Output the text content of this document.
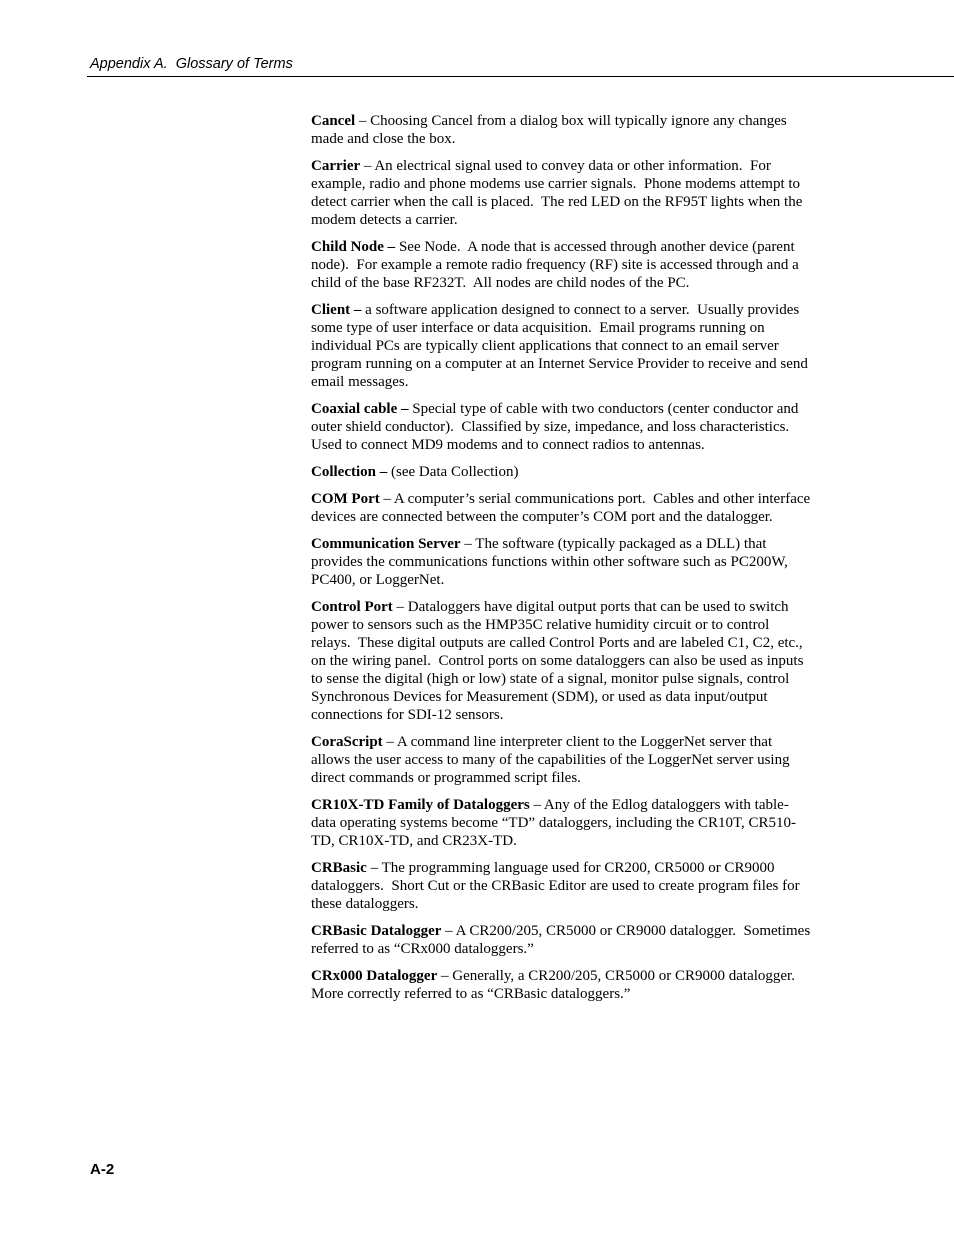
Appendix A.  Glossary of Terms

Cancel – Choosing Cancel from a dialog box will typically ignore any changes made and close the box.

Carrier – An electrical signal used to convey data or other information.  For example, radio and phone modems use carrier signals.  Phone modems attempt to detect carrier when the call is placed.  The red LED on the RF95T lights when the modem detects a carrier.

Child Node – See Node.  A node that is accessed through another device (parent node).  For example a remote radio frequency (RF) site is accessed through and a child of the base RF232T.  All nodes are child nodes of the PC.

Client – a software application designed to connect to a server.  Usually provides some type of user interface or data acquisition.  Email programs running on individual PCs are typically client applications that connect to an email server program running on a computer at an Internet Service Provider to receive and send email messages.

Coaxial cable – Special type of cable with two conductors (center conductor and outer shield conductor).  Classified by size, impedance, and loss characteristics.  Used to connect MD9 modems and to connect radios to antennas.

Collection – (see Data Collection)

COM Port – A computer’s serial communications port.  Cables and other interface devices are connected between the computer’s COM port and the datalogger.

Communication Server – The software (typically packaged as a DLL) that provides the communications functions within other software such as PC200W, PC400, or LoggerNet.

Control Port – Dataloggers have digital output ports that can be used to switch power to sensors such as the HMP35C relative humidity circuit or to control relays.  These digital outputs are called Control Ports and are labeled C1, C2, etc., on the wiring panel.  Control ports on some dataloggers can also be used as inputs to sense the digital (high or low) state of a signal, monitor pulse signals, control Synchronous Devices for Measurement (SDM), or used as data input/output connections for SDI-12 sensors.

CoraScript – A command line interpreter client to the LoggerNet server that allows the user access to many of the capabilities of the LoggerNet server using direct commands or programmed script files.

CR10X-TD Family of Dataloggers – Any of the Edlog dataloggers with table-data operating systems become “TD” dataloggers, including the CR10T, CR510-TD, CR10X-TD, and CR23X-TD.

CRBasic – The programming language used for CR200, CR5000 or CR9000 dataloggers.  Short Cut or the CRBasic Editor are used to create program files for these dataloggers.

CRBasic Datalogger – A CR200/205, CR5000 or CR9000 datalogger.  Sometimes referred to as “CRx000 dataloggers.”

CRx000 Datalogger – Generally, a CR200/205, CR5000 or CR9000 datalogger.  More correctly referred to as “CRBasic dataloggers.”

A-2
